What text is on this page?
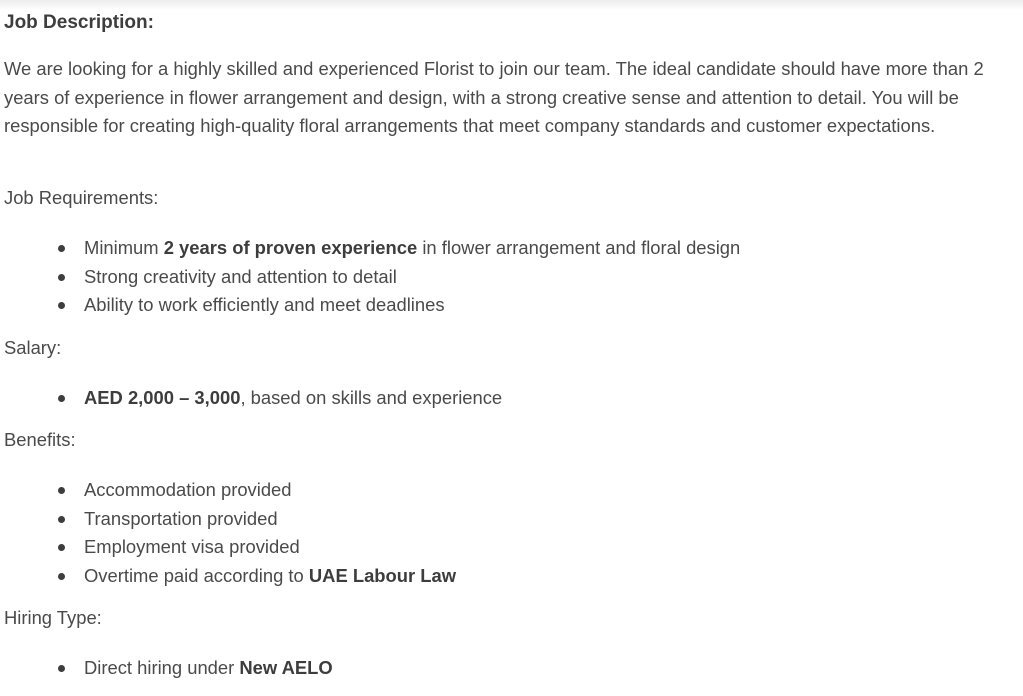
Job Description:

We are looking for a highly skilled and experienced Florist to join our team. The ideal candidate should have more than 2 years of experience in flower arrangement and design, with a strong creative sense and attention to detail. You will be responsible for creating high-quality floral arrangements that meet company standards and customer expectations.

Job Requirements:
Minimum 2 years of proven experience in flower arrangement and floral design
Strong creativity and attention to detail
Ability to work efficiently and meet deadlines
Salary:
AED 2,000 – 3,000, based on skills and experience
Benefits:
Accommodation provided
Transportation provided
Employment visa provided
Overtime paid according to UAE Labour Law
Hiring Type:
Direct hiring under New AELO
